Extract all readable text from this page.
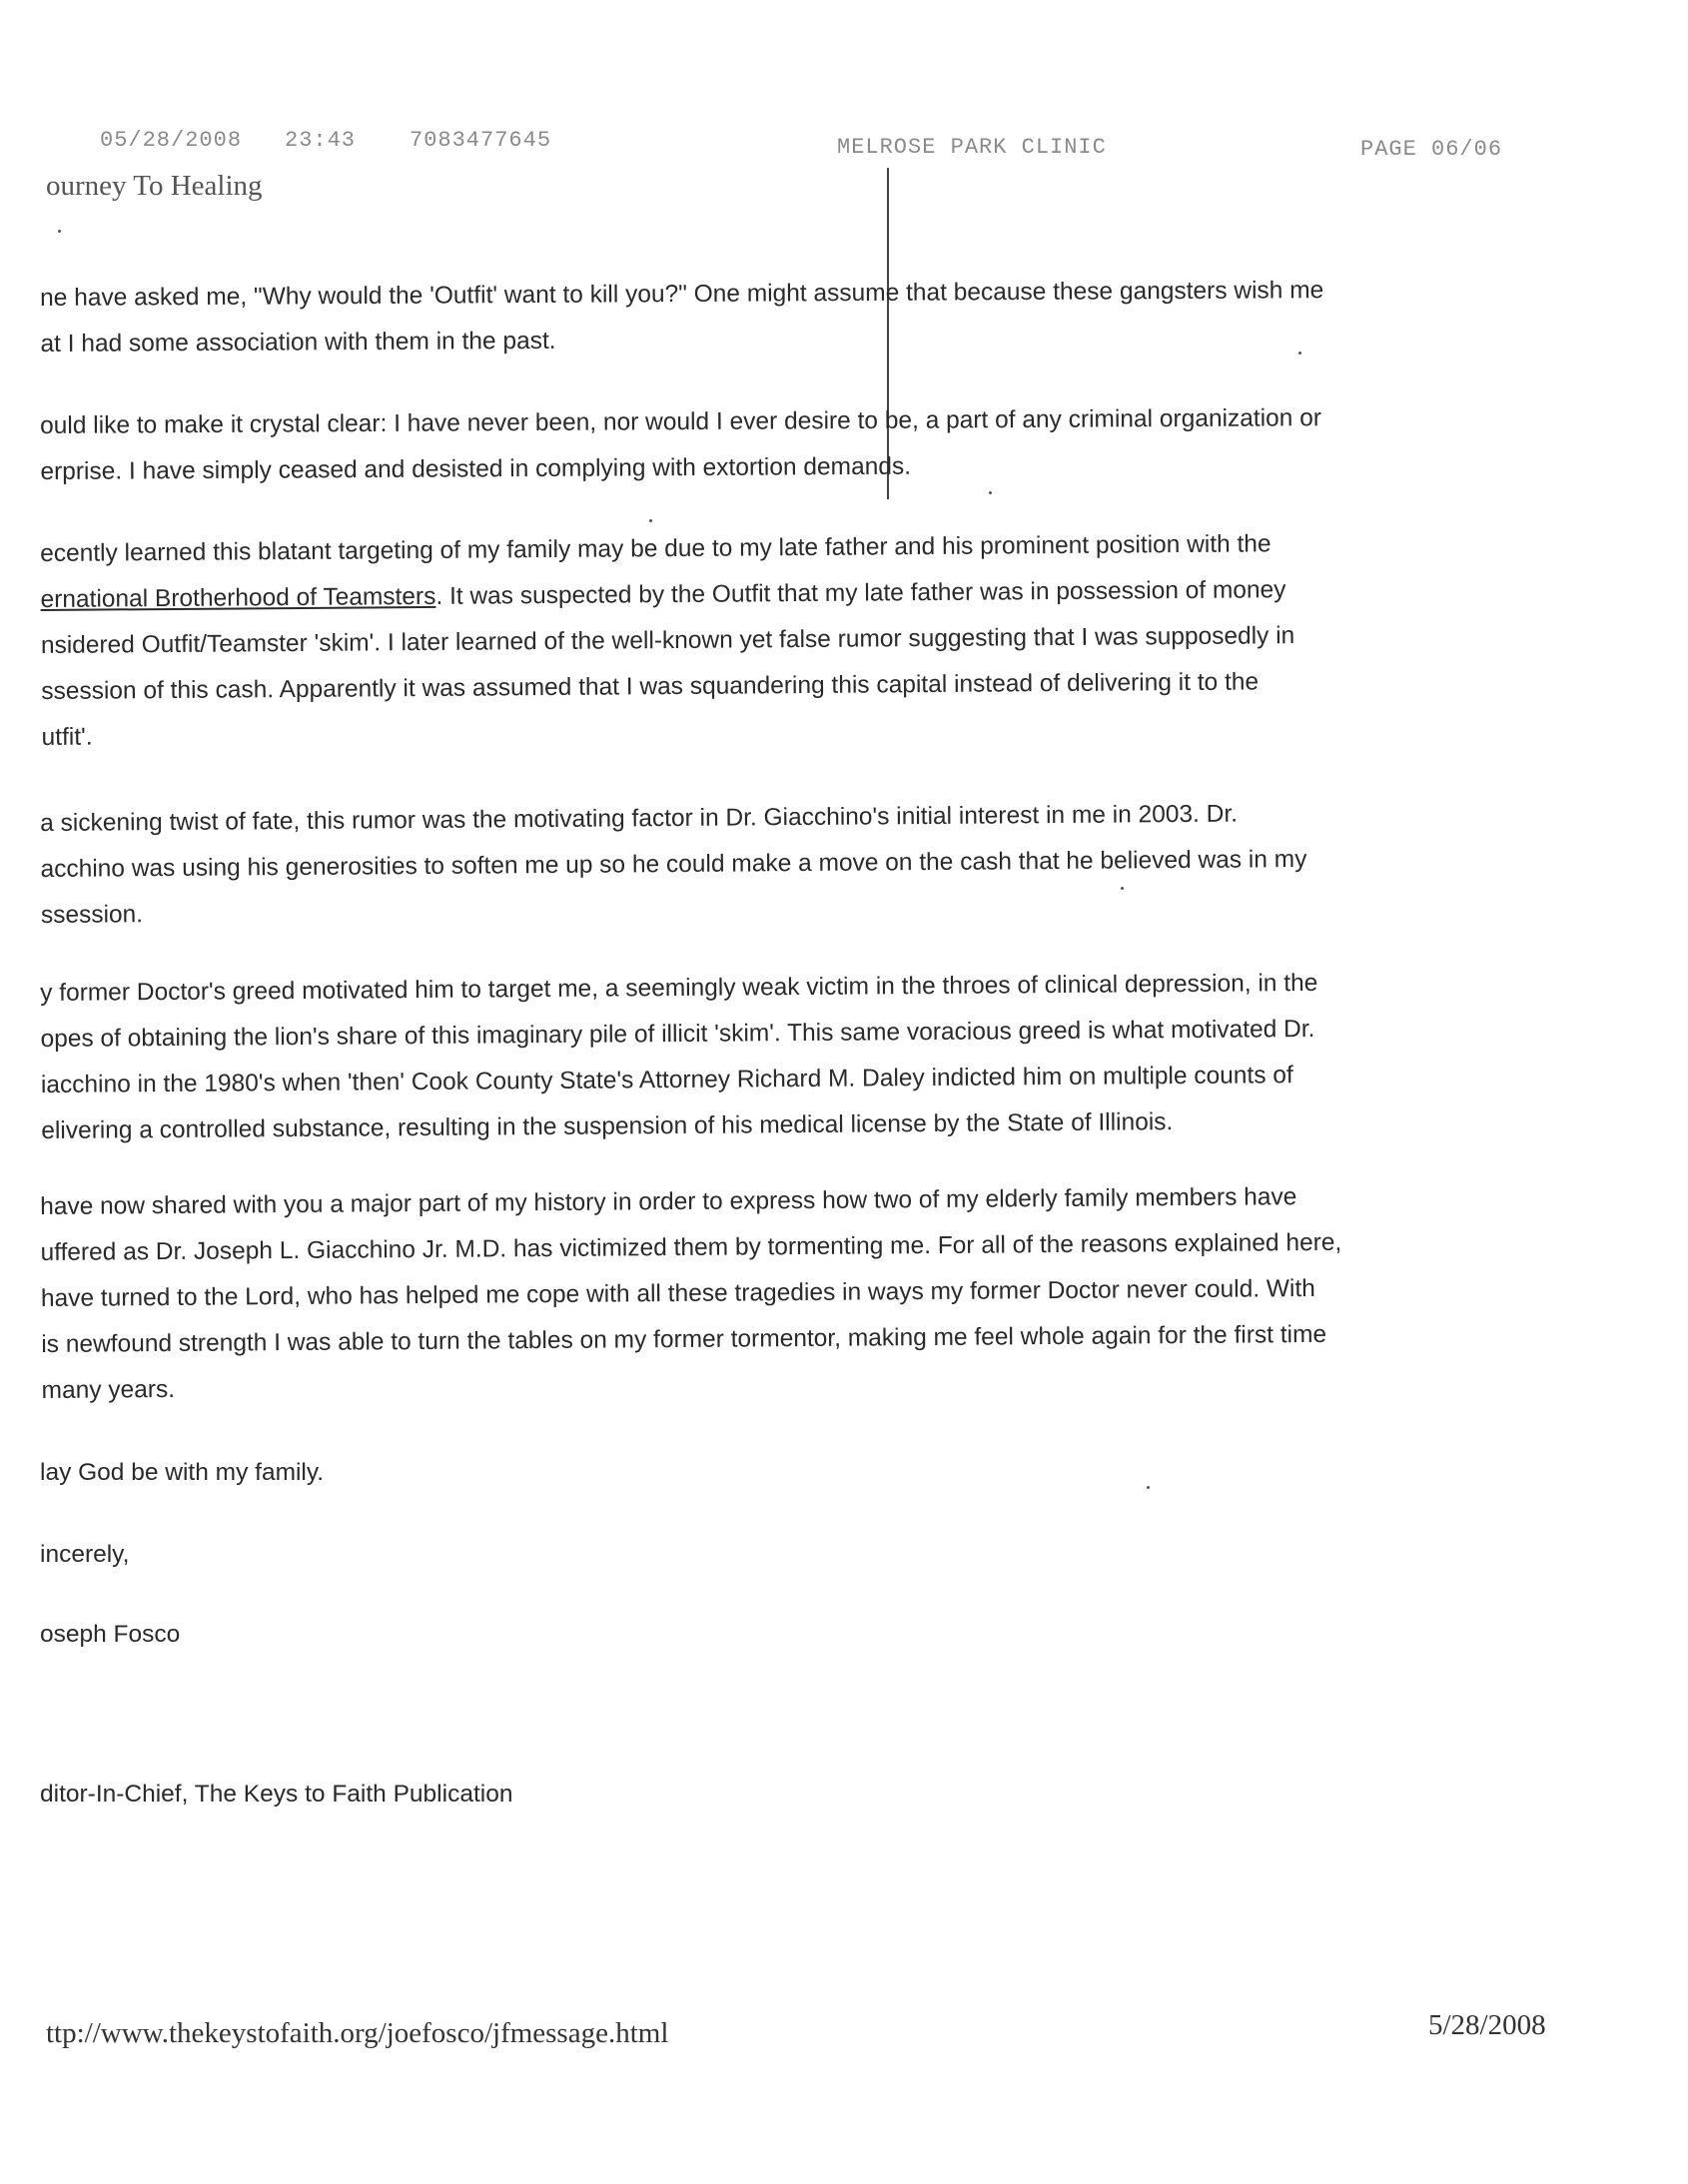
05/28/2008 23:43 7083477645	MELROSE PARK CLINIC	PAGE 06/06
ourney To Healing

ne have asked me, "Why would the 'Outfit' want to kill you?" One might assume that because these gangsters wish me
at I had some association with them in the past.

ould like to make it crystal clear: I have never been, nor would I ever desire to be, a part of any criminal organization or
erprise. I have simply ceased and desisted in complying with extortion demands.

ecently learned this blatant targeting of my family may be due to my late father and his prominent position with the
ernational Brotherhood of Teamsters. It was suspected by the Outfit that my late father was in possession of money
nsidered Outfit/Teamster 'skim'. I later learned of the well-known yet false rumor suggesting that I was supposedly in
ssession of this cash. Apparently it was assumed that I was squandering this capital instead of delivering it to the
utfit'.

a sickening twist of fate, this rumor was the motivating factor in Dr. Giacchino's initial interest in me in 2003. Dr.
acchino was using his generosities to soften me up so he could make a move on the cash that he believed was in my
ssession.

y former Doctor's greed motivated him to target me, a seemingly weak victim in the throes of clinical depression, in the
opes of obtaining the lion's share of this imaginary pile of illicit 'skim'. This same voracious greed is what motivated Dr.
iacchino in the 1980's when 'then' Cook County State's Attorney Richard M. Daley indicted him on multiple counts of
elivering a controlled substance, resulting in the suspension of his medical license by the State of Illinois.

have now shared with you a major part of my history in order to express how two of my elderly family members have
uffered as Dr. Joseph L. Giacchino Jr. M.D. has victimized them by tormenting me. For all of the reasons explained here,
have turned to the Lord, who has helped me cope with all these tragedies in ways my former Doctor never could. With
is newfound strength I was able to turn the tables on my former tormentor, making me feel whole again for the first time
many years.

lay God be with my family.

incerely,

oseph Fosco

ditor-In-Chief, The Keys to Faith Publication

ttp://www.thekeystofaith.org/joefosco/jfmessage.html	5/28/2008
